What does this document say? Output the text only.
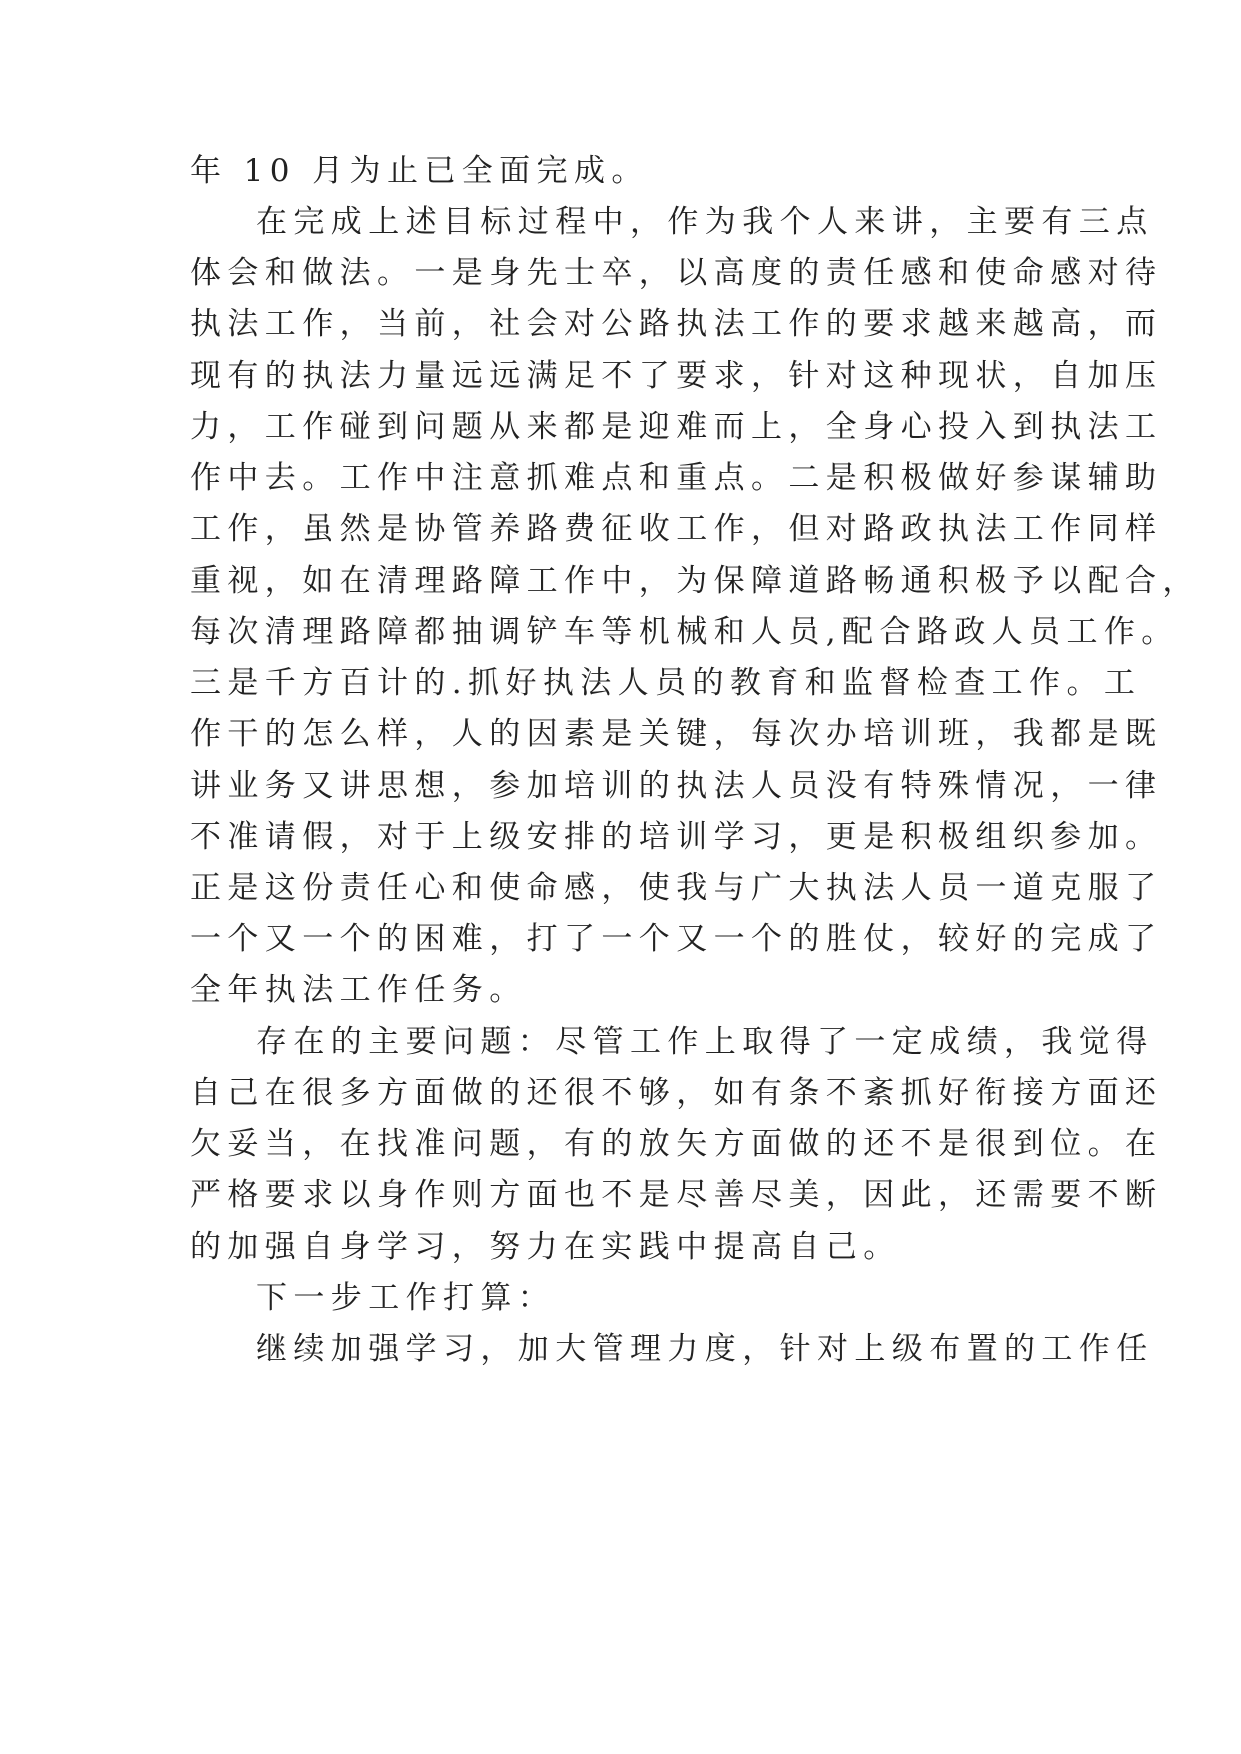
年 10 月为止已全面完成。

在完成上述目标过程中，作为我个人来讲，主要有三点

体会和做法。一是身先士卒，以高度的责任感和使命感对待

执法工作，当前，社会对公路执法工作的要求越来越高，而

现有的执法力量远远满足不了要求，针对这种现状，自加压

力，工作碰到问题从来都是迎难而上，全身心投入到执法工

作中去。工作中注意抓难点和重点。二是积极做好参谋辅助

工作，虽然是协管养路费征收工作，但对路政执法工作同样

重视，如在清理路障工作中，为保障道路畅通积极予以配合，

每次清理路障都抽调铲车等机械和人员,配合路政人员工作。

三是千方百计的.抓好执法人员的教育和监督检查工作。工

作干的怎么样，人的因素是关键，每次办培训班，我都是既

讲业务又讲思想，参加培训的执法人员没有特殊情况，一律

不准请假，对于上级安排的培训学习，更是积极组织参加。

正是这份责任心和使命感，使我与广大执法人员一道克服了

一个又一个的困难，打了一个又一个的胜仗，较好的完成了

全年执法工作任务。

存在的主要问题：尽管工作上取得了一定成绩，我觉得

自己在很多方面做的还很不够，如有条不紊抓好衔接方面还

欠妥当，在找准问题，有的放矢方面做的还不是很到位。在

严格要求以身作则方面也不是尽善尽美，因此，还需要不断

的加强自身学习，努力在实践中提高自己。

下一步工作打算：

继续加强学习，加大管理力度，针对上级布置的工作任
